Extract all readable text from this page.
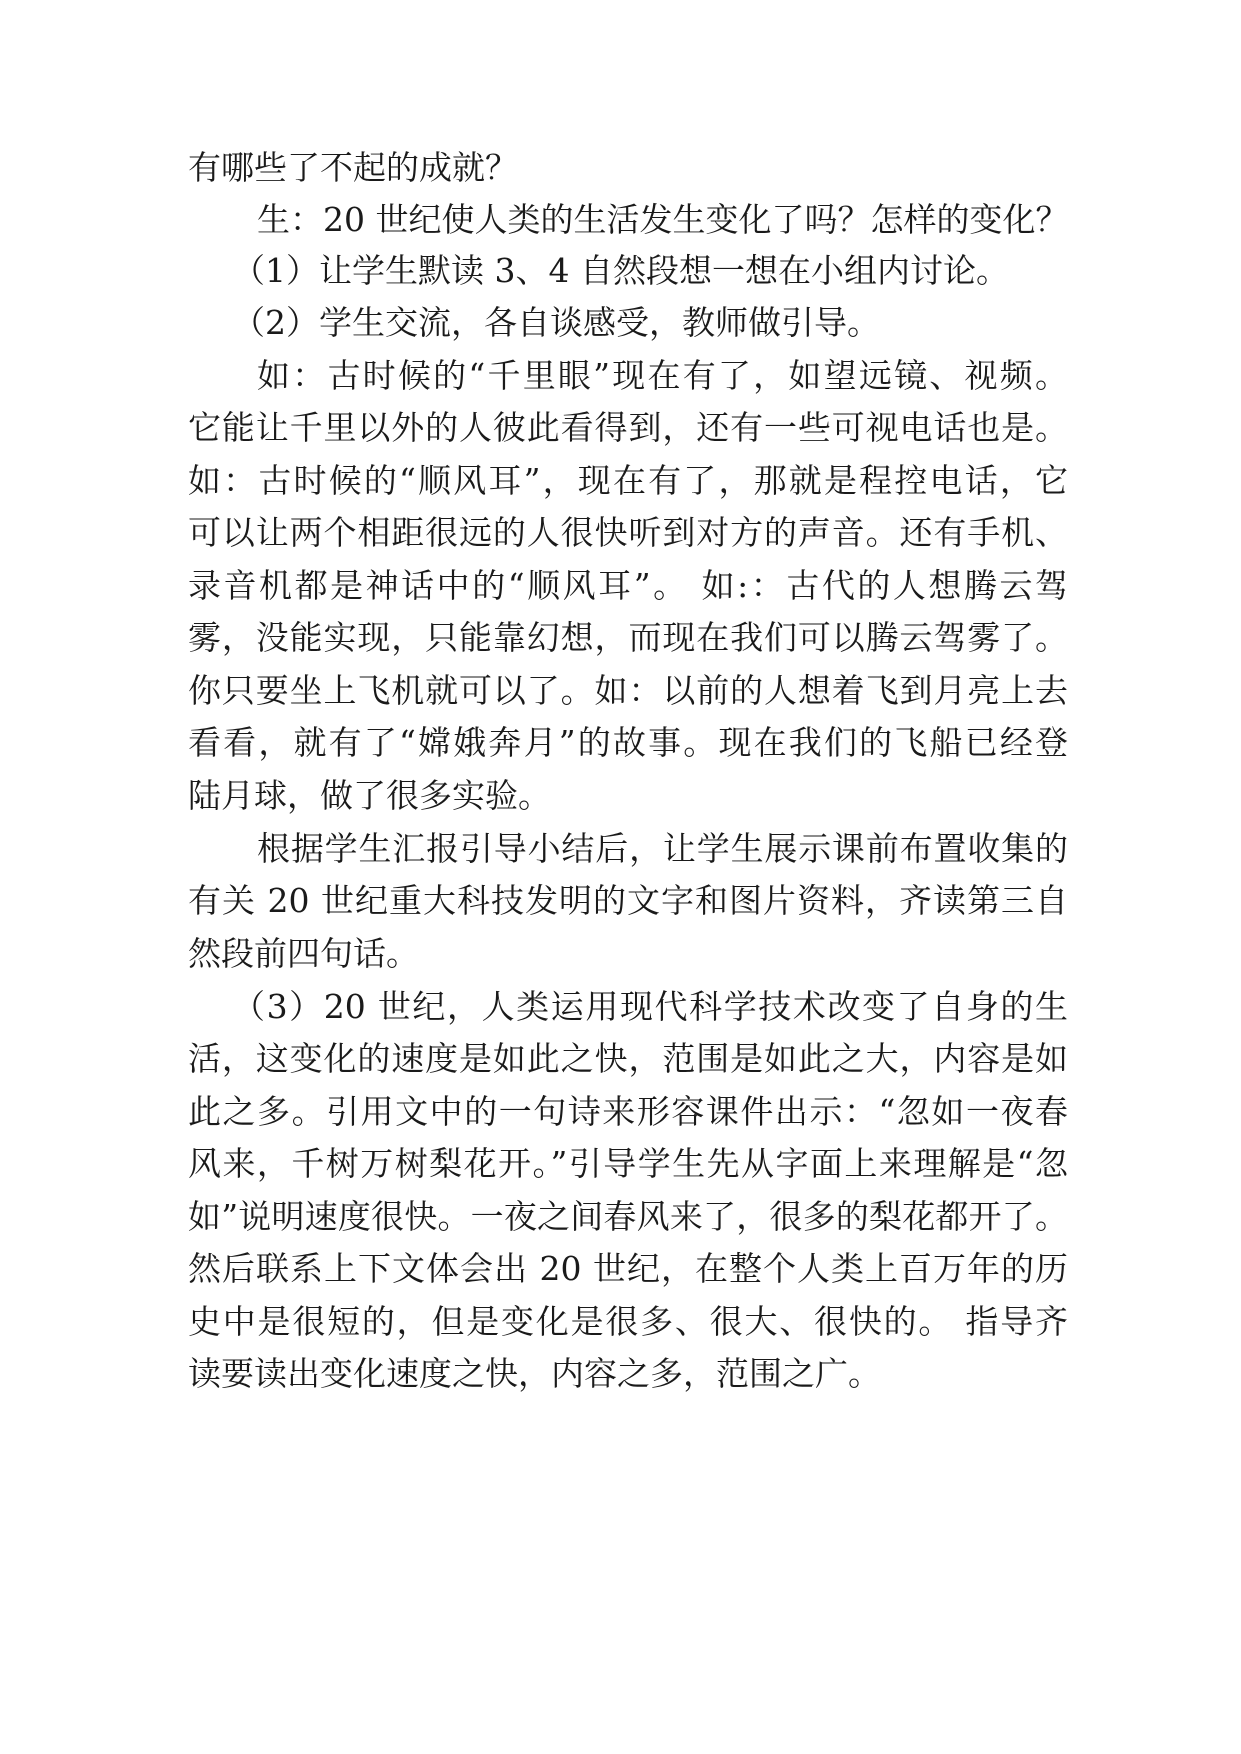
有哪些了不起的成就？
生：20 世纪使人类的生活发生变化了吗？怎样的变化？
（1）让学生默读 3、4 自然段想一想在小组内讨论。
（2）学生交流，各自谈感受，教师做引导。
如：古时候的“千里眼”现在有了，如望远镜、视频。
它能让千里以外的人彼此看得到，还有一些可视电话也是。
如：古时候的“顺风耳”，现在有了，那就是程控电话，它
可以让两个相距很远的人很快听到对方的声音。还有手机、
录音机都是神话中的“顺风耳”。 如:：古代的人想腾云驾
雾，没能实现，只能靠幻想，而现在我们可以腾云驾雾了。
你只要坐上飞机就可以了。如：以前的人想着飞到月亮上去
看看，就有了“嫦娥奔月”的故事。现在我们的飞船已经登
陆月球，做了很多实验。
根据学生汇报引导小结后，让学生展示课前布置收集的
有关 20 世纪重大科技发明的文字和图片资料，齐读第三自
然段前四句话。
（3）20 世纪，人类运用现代科学技术改变了自身的生
活，这变化的速度是如此之快，范围是如此之大，内容是如
此之多。引用文中的一句诗来形容课件出示：“忽如一夜春
风来，千树万树梨花开。”引导学生先从字面上来理解是“忽
如”说明速度很快。一夜之间春风来了，很多的梨花都开了。
然后联系上下文体会出 20 世纪，在整个人类上百万年的历
史中是很短的，但是变化是很多、很大、很快的。 指导齐
读要读出变化速度之快，内容之多，范围之广。
